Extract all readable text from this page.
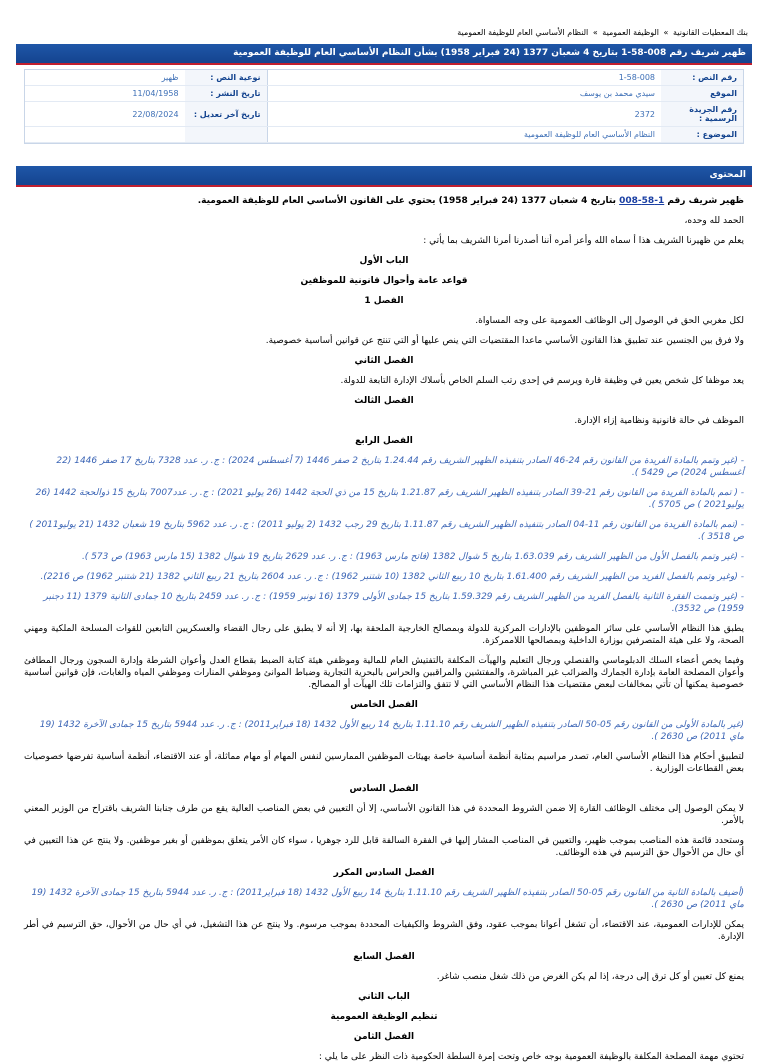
بنك المعطيات القانونية » الوظيفة العمومية » النظام الأساسي العام للوظيفة العمومية
ظهير شريف رقم 008-58-1 بتاريخ 4 شعبان 1377 (24 فبراير 1958) بشأن النظام الأساسي العام للوظيفة العمومية
رقم النص :	1-58-008	نوعية النص :	ظهير
الموقع	سيدي محمد بن يوسف	تاريخ النشر :	11/04/1958
رقم الجريدة الرسمية :	2372	تاريخ آخر تعديل :	22/08/2024
الموضوع :	النظام الأساسي العام للوظيفة العمومية		
المحتوى

ظهير شريف رقم 1-58-008 بتاريخ 4 شعبان 1377 (24 فبراير 1958) يحتوي على القانون الأساسي العام للوظيفة العمومية.

الحمد لله وحده،

يعلم من ظهيرنا الشريف هذا أ سماه الله وأعز أمره أننا أصدرنا أمرنا الشريف بما يأتي :

الباب الأول
قواعد عامة وأحوال قانونية للموظفين
الفصل 1

لكل مغربي الحق في الوصول إلى الوظائف العمومية على وجه المساواة.

ولا فرق بين الجنسين عند تطبيق هذا القانون الأساسي ماعدا المقتضيات التي ينص عليها أو التي تنتج عن قوانين أساسية خصوصية.

الفصل الثاني

يعد موظفا كل شخص يعين في وظيفة قارة ويرسم في إحدى رتب السلم الخاص بأسلاك الإدارة التابعة للدولة.

الفصل الثالث

الموظف في حالة قانونية ونظامية إزاء الإدارة.

الفصل الرابع

- (غير وتمم بالمادة الفريدة من القانون رقم 24-46 الصادر بتنفيذه الظهير الشريف رقم 1.24.44 بتاريخ 2 صفر 1446 (7 أغسطس 2024) : ج. ر. عدد 7328 بتاريخ 17 صفر 1446 (22 أغسطس 2024) ص 5429 ).

- ( تمم بالمادة الفريدة من القانون رقم 21-39 الصادر بتنفيذه الظهير الشريف رقم 1.21.87 بتاريخ 15 من ذي الحجة 1442 (26 يوليو 2021) : ج. ر. عدد7007 بتاريخ 15 ذوالحجة 1442 (26 يوليو2021 ) ص 5705 ).

- (تمم بالمادة الفريدة من القانون رقم 11-04 الصادر بتنفيذه الظهير الشريف رقم 1.11.87 بتاريخ 29 رجب 1432 (2 يوليو 2011) : ج. ر. عدد 5962 بتاريخ 19 شعبان 1432 (21 يوليو2011 ) ص 3518 ).

- (غير وتمم بالفصل الأول من الظهير الشريف رقم 1.63.039 بتاريخ 5 شوال 1382 (فاتح مارس 1963) : ج. ر. عدد 2629 بتاريخ 19 شوال 1382 (15 مارس 1963) ص 573 ).

- (وغير وتمم بالفصل الفريد من الظهير الشريف رقم 1.61.400 بتاريخ 10 ربيع الثاني 1382 (10 شتنبر 1962) : ج. ر. عدد 2604 بتاريخ 21 ربيع الثاني 1382 (21 شتنبر 1962) ص 2216).

- (غير وتممت الفقرة الثانية بالفصل الفريد من الظهير الشريف رقم 1.59.329 بتاريخ 15 جمادى الأولى 1379 (16 نونبر 1959) : ج. ر. عدد 2459 بتاريخ 10 جمادى الثانية 1379 (11 دجنبر 1959) ص 3532).

يطبق هذا النظام الأساسي على سائر الموظفين بالإدارات المركزية للدولة وبمصالح الخارجية الملحقة بها، إلا أنه لا يطبق على رجال القضاء والعسكريين التابعين للقوات المسلحة الملكية ومهني الصحة، ولا على هيئة المتصرفين بوزارة الداخلية وبمصالحها اللاممركزة.

وفيما يخص أعضاء السلك الدبلوماسي والقنصلي ورجال التعليم والهيآت المكلفة بالتفتيش العام للمالية وموظفي هيئة كتابة الضبط بقطاع العدل وأعوان الشرطة وإدارة السجون ورجال المطافئ وأعوان المصلحة العامة بإدارة الجمارك والضرائب غير المباشرة، والمفتشين والمراقبين والحراس بالبحرية التجارية وضباط الموانئ وموظفي المنارات وموظفي المياه والغابات، فإن قوانين أساسية خصوصية يمكنها أن تأتي بمخالفات لبعض مقتضيات هذا النظام الأساسي التي لا تتفق والتزامات تلك الهيآت أو المصالح.

الفصل الخامس

(غير بالمادة الأولى من القانون رقم 05-50 الصادر بتنفيذه الظهير الشريف رقم 1.11.10 بتاريخ 14 ربيع الأول 1432 (18 فبراير2011) : ج. ر. عدد 5944 بتاريخ 15 جمادى الآخرة 1432 (19 ماي 2011) ص 2630 ).

لتطبيق أحكام هذا النظام الأساسي العام، تصدر مراسيم بمثابة أنظمة أساسية خاصة بهيئات الموظفين الممارسين لنفس المهام أو مهام مماثلة، أو عند الاقتضاء، أنظمة أساسية تفرضها خصوصيات بعض القطاعات الوزارية .

الفصل السادس

لا يمكن الوصول إلى مختلف الوظائف القارة إلا ضمن الشروط المحددة في هذا القانون الأساسي، إلا أن التعيين في بعض المناصب العالية يقع من طرف جنابنا الشريف باقتراح من الوزير المعني بالأمر.

وستحدد قائمة هذه المناصب بموجب ظهير، والتعيين في المناصب المشار إليها في الفقرة السالفة قابل للرد جوهريا ، سواء كان الأمر يتعلق بموظفين أو بغير موظفين. ولا ينتج عن هذا التعيين في أي حال من الأحوال حق الترسيم في هذه الوظائف.

الفصل السادس المكرر

(أضيف بالمادة الثانية من القانون رقم 05-50 الصادر بتنفيذه الظهير الشريف رقم 1.11.10 بتاريخ 14 ربيع الأول 1432 (18 فبراير2011) : ج. ر. عدد 5944 بتاريخ 15 جمادى الآخرة 1432 (19 ماي 2011) ص 2630 ).

يمكن للإدارات العمومية، عند الاقتضاء، أن تشغل أعوانا بموجب عقود، وفق الشروط والكيفيات المحددة بموجب مرسوم. ولا ينتج عن هذا التشغيل، في أي حال من الأحوال، حق الترسيم في أطر الإدارة.

الفصل السابع

يمنع كل تعيين أو كل ترق إلى درجة، إذا لم يكن الغرض من ذلك شغل منصب شاغر.

الباب الثاني
تنظيم الوظيفة العمومية
الفصل الثامن

تحتوي مهمة المصلحة المكلفة بالوظيفة العمومية بوجه خاص وتحت إمرة السلطة الحكومية ذات النظر على ما يلي :
